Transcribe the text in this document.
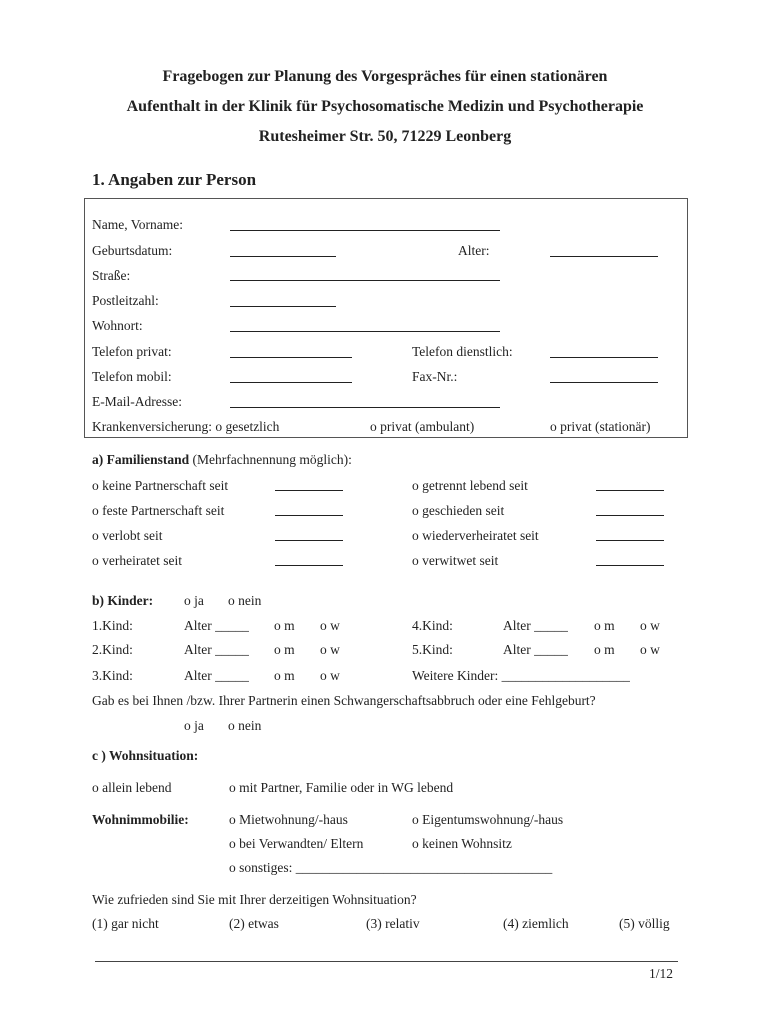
Fragebogen zur Planung des Vorgespräches für einen stationären
Aufenthalt in der Klinik für Psychosomatische Medizin und Psychotherapie
Rutesheimer Str. 50, 71229 Leonberg
1. Angaben zur Person
Name, Vorname:
Geburtsdatum:	Alter:
Straße:
Postleitzahl:
Wohnort:
Telefon privat:	Telefon dienstlich:
Telefon mobil:	Fax-Nr.:
E-Mail-Adresse:
Krankenversicherung: o gesetzlich	o privat (ambulant)	o privat (stationär)
a) Familienstand (Mehrfachnennung möglich):
o keine Partnerschaft seit	o getrennt lebend seit
o feste Partnerschaft seit	o geschieden seit
o verlobt seit	o wiederverheiratet seit
o verheiratet seit	o verwitwet seit
b) Kinder: o ja o nein
1.Kind:	Alter _____ o m o w	4.Kind:	Alter _____ o m o w
2.Kind:	Alter _____ o m o w	5.Kind:	Alter _____ o m o w
3.Kind:	Alter _____ o m o w	Weitere Kinder: ___________________
Gab es bei Ihnen /bzw. Ihrer Partnerin einen Schwangerschaftsabbruch oder eine Fehlgeburt?
o ja o nein
c ) Wohnsituation:
o allein lebend	o mit Partner, Familie oder in WG lebend
Wohnimmobilie:	o Mietwohnung/-haus	o Eigentumswohnung/-haus
o bei Verwandten/ Eltern	o keinen Wohnsitz
o sonstiges: ______________________________________
Wie zufrieden sind Sie mit Ihrer derzeitigen Wohnsituation?
(1) gar nicht	(2) etwas	(3) relativ	(4) ziemlich	(5) völlig
1/12
